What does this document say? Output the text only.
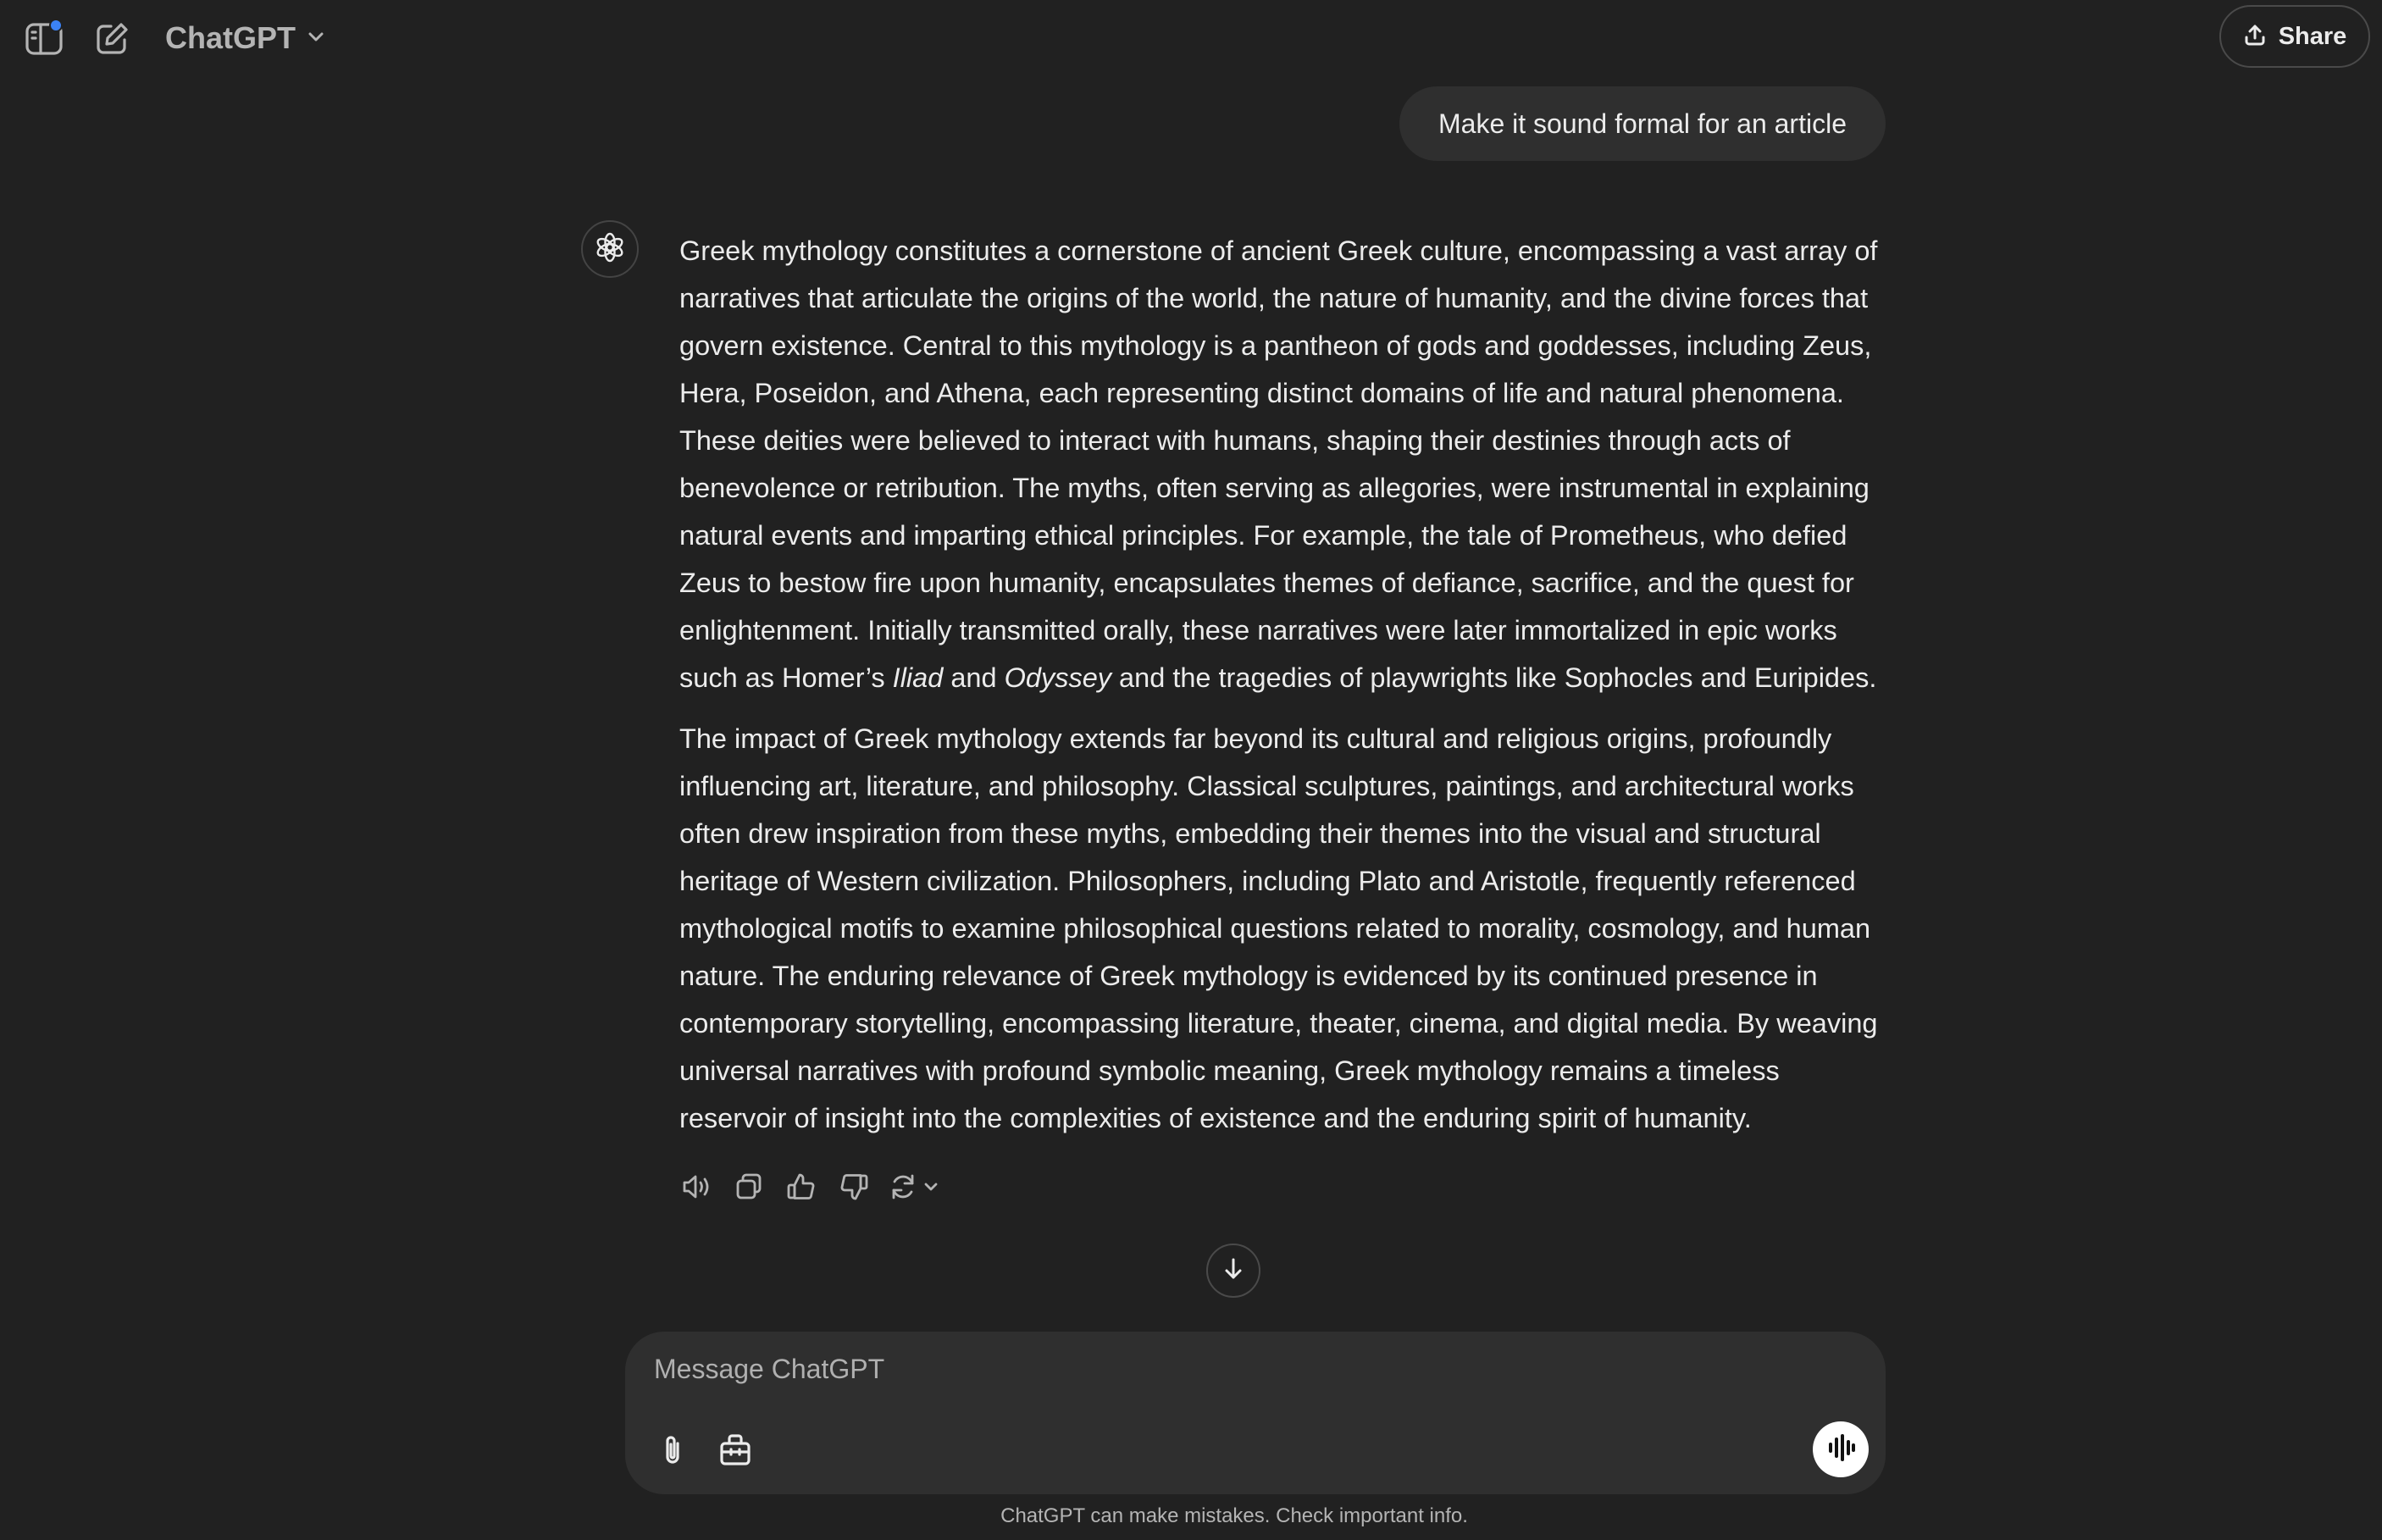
ChatGPT	Share
Make it sound formal for an article

Greek mythology constitutes a cornerstone of ancient Greek culture, encompassing a vast array of narratives that articulate the origins of the world, the nature of humanity, and the divine forces that govern existence. Central to this mythology is a pantheon of gods and goddesses, including Zeus, Hera, Poseidon, and Athena, each representing distinct domains of life and natural phenomena. These deities were believed to interact with humans, shaping their destinies through acts of benevolence or retribution. The myths, often serving as allegories, were instrumental in explaining natural events and imparting ethical principles. For example, the tale of Prometheus, who defied Zeus to bestow fire upon humanity, encapsulates themes of defiance, sacrifice, and the quest for enlightenment. Initially transmitted orally, these narratives were later immortalized in epic works such as Homer’s Iliad and Odyssey and the tragedies of playwrights like Sophocles and Euripides.

The impact of Greek mythology extends far beyond its cultural and religious origins, profoundly influencing art, literature, and philosophy. Classical sculptures, paintings, and architectural works often drew inspiration from these myths, embedding their themes into the visual and structural heritage of Western civilization. Philosophers, including Plato and Aristotle, frequently referenced mythological motifs to examine philosophical questions related to morality, cosmology, and human nature. The enduring relevance of Greek mythology is evidenced by its continued presence in contemporary storytelling, encompassing literature, theater, cinema, and digital media. By weaving universal narratives with profound symbolic meaning, Greek mythology remains a timeless reservoir of insight into the complexities of existence and the enduring spirit of humanity.

Message ChatGPT
ChatGPT can make mistakes. Check important info.
